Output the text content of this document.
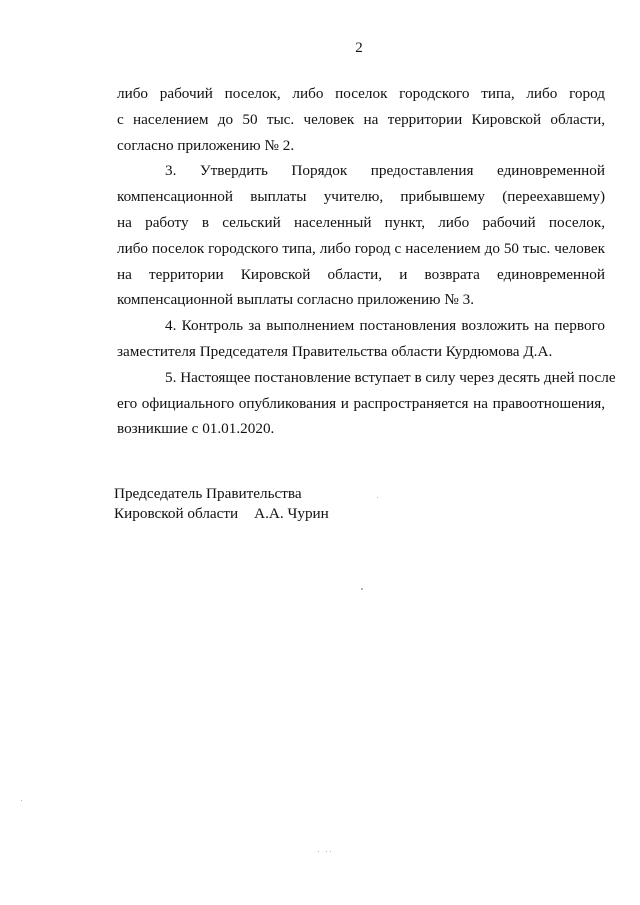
2
либо рабочий поселок, либо поселок городского типа, либо город
с населением до 50 тыс. человек на территории Кировской области,
согласно приложению № 2.
3. Утвердить Порядок предоставления единовременной
компенсационной выплаты учителю, прибывшему (переехавшему)
на работу в сельский населенный пункт, либо рабочий поселок,
либо поселок городского типа, либо город с населением до 50 тыс. человек
на территории Кировской области, и возврата единовременной
компенсационной выплаты согласно приложению № 3.
4. Контроль за выполнением постановления возложить на первого
заместителя Председателя Правительства области Курдюмова Д.А.
5. Настоящее постановление вступает в силу через десять дней после
его официального опубликования и распространяется на правоотношения,
возникшие с 01.01.2020.
Председатель Правительства
Кировской области А.А. Чурин
